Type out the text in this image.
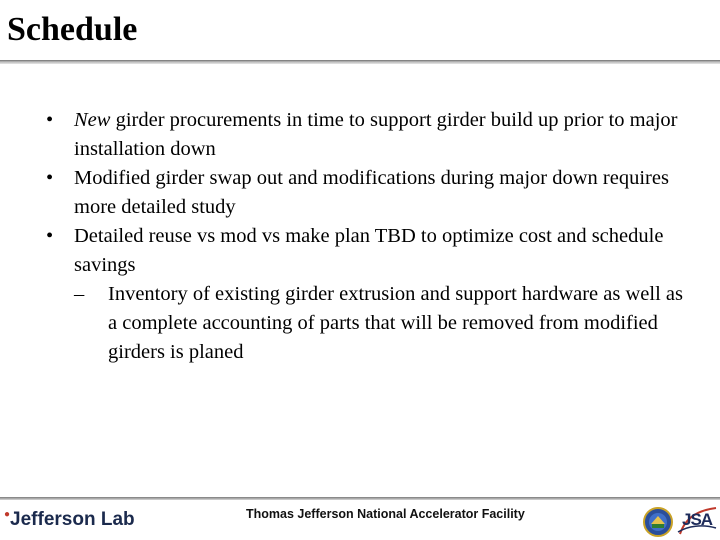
Schedule
• New girder procurements in time to support girder build up prior to major installation down
• Modified girder swap out and modifications during major down requires more detailed study
• Detailed reuse vs mod vs make plan TBD to optimize cost and schedule savings
– Inventory of existing girder extrusion and support hardware as well as a complete accounting of parts that will be removed from modified girders is planed
●Jefferson Lab	Thomas Jefferson National Accelerator Facility	JSA
